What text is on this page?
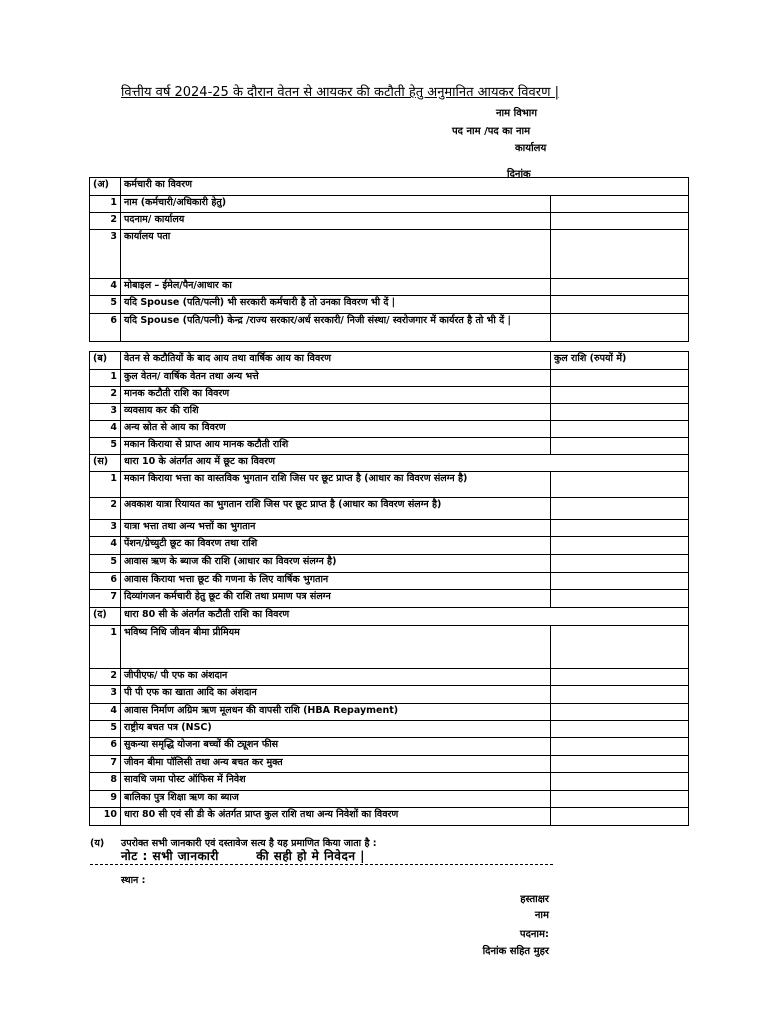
वित्तीय वर्ष 2024-25 के दौरान वेतन से आयकर की कटौती हेतु अनुमानित आयकर विवरण |
नाम विभाग
पद नाम /पद का नाम
कार्यालय
दिनांक
(अ)	कर्मचारी का विवरण	
1	नाम (कर्मचारी/अधिकारी हेतु)	
2	पदनाम/ कार्यालय	
3	कार्यालय पता	
4	मोबाइल – ईमेल/पैन/आधार का	
5	यदि Spouse (पति/पत्नी) भी सरकारी कर्मचारी है तो उनका विवरण भी दें |	
6	यदि Spouse (पति/पत्नी) केन्द्र /राज्य सरकार/अर्ध सरकारी/ निजी संस्था/ स्वरोजगार में कार्यरत है तो भी दें |	
(ब)	वेतन से कटौतियों के बाद आय तथा वार्षिक आय का विवरण	कुल राशि (रुपयों में)
1	कुल वेतन/ वार्षिक वेतन तथा अन्य भत्ते	
2	मानक कटौती राशि का विवरण	
3	व्यवसाय कर की राशि	
4	अन्य स्रोत से आय का विवरण	
5	मकान किराया से प्राप्त आय मानक कटौती राशि	
(स)	धारा 10 के अंतर्गत आय में छूट का विवरण	
1	मकान किराया भत्ता का वास्तविक भुगतान राशि जिस पर छूट प्राप्त है (आधार का विवरण संलग्न है)	
2	अवकाश यात्रा रियायत का भुगतान राशि जिस पर छूट प्राप्त है (आधार का विवरण संलग्न है)	
3	यात्रा भत्ता तथा अन्य भत्तों का भुगतान	
4	पेंशन/ग्रेच्युटी छूट का विवरण तथा राशि	
5	आवास ऋण के ब्याज की राशि (आधार का विवरण संलग्न है)	
6	आवास किराया भत्ता छूट की गणना के लिए वार्षिक भुगतान	
7	दिव्यांगजन कर्मचारी हेतु छूट की राशि तथा प्रमाण पत्र संलग्न	
(द)	धारा 80 सी के अंतर्गत कटौती राशि का विवरण	
1	भविष्य निधि जीवन बीमा प्रीमियम	
2	जीपीएफ/ पी एफ का अंशदान	
3	पी पी एफ का खाता आदि का अंशदान	
4	आवास निर्माण अग्रिम ऋण मूलधन की वापसी राशि (HBA Repayment)	
5	राष्ट्रीय बचत पत्र (NSC)	
6	सुकन्या समृद्धि योजना बच्चों की ट्यूशन फीस	
7	जीवन बीमा पॉलिसी तथा अन्य बचत कर मुक्त	
8	सावधि जमा पोस्ट ऑफिस में निवेश	
9	बालिका पुत्र शिक्षा ऋण का ब्याज	
10	धारा 80 सी एवं सी डी के अंतर्गत प्राप्त कुल राशि तथा अन्य निवेशों का विवरण	
(य) उपरोक्त सभी जानकारी एवं दस्तावेज सत्य है यह प्रमाणित किया जाता है :
नोट : सभी जानकारी        की सही हो मे निवेदन |
स्थान :
हस्ताक्षर
नाम
पदनाम:
दिनांक सहित मुहर
